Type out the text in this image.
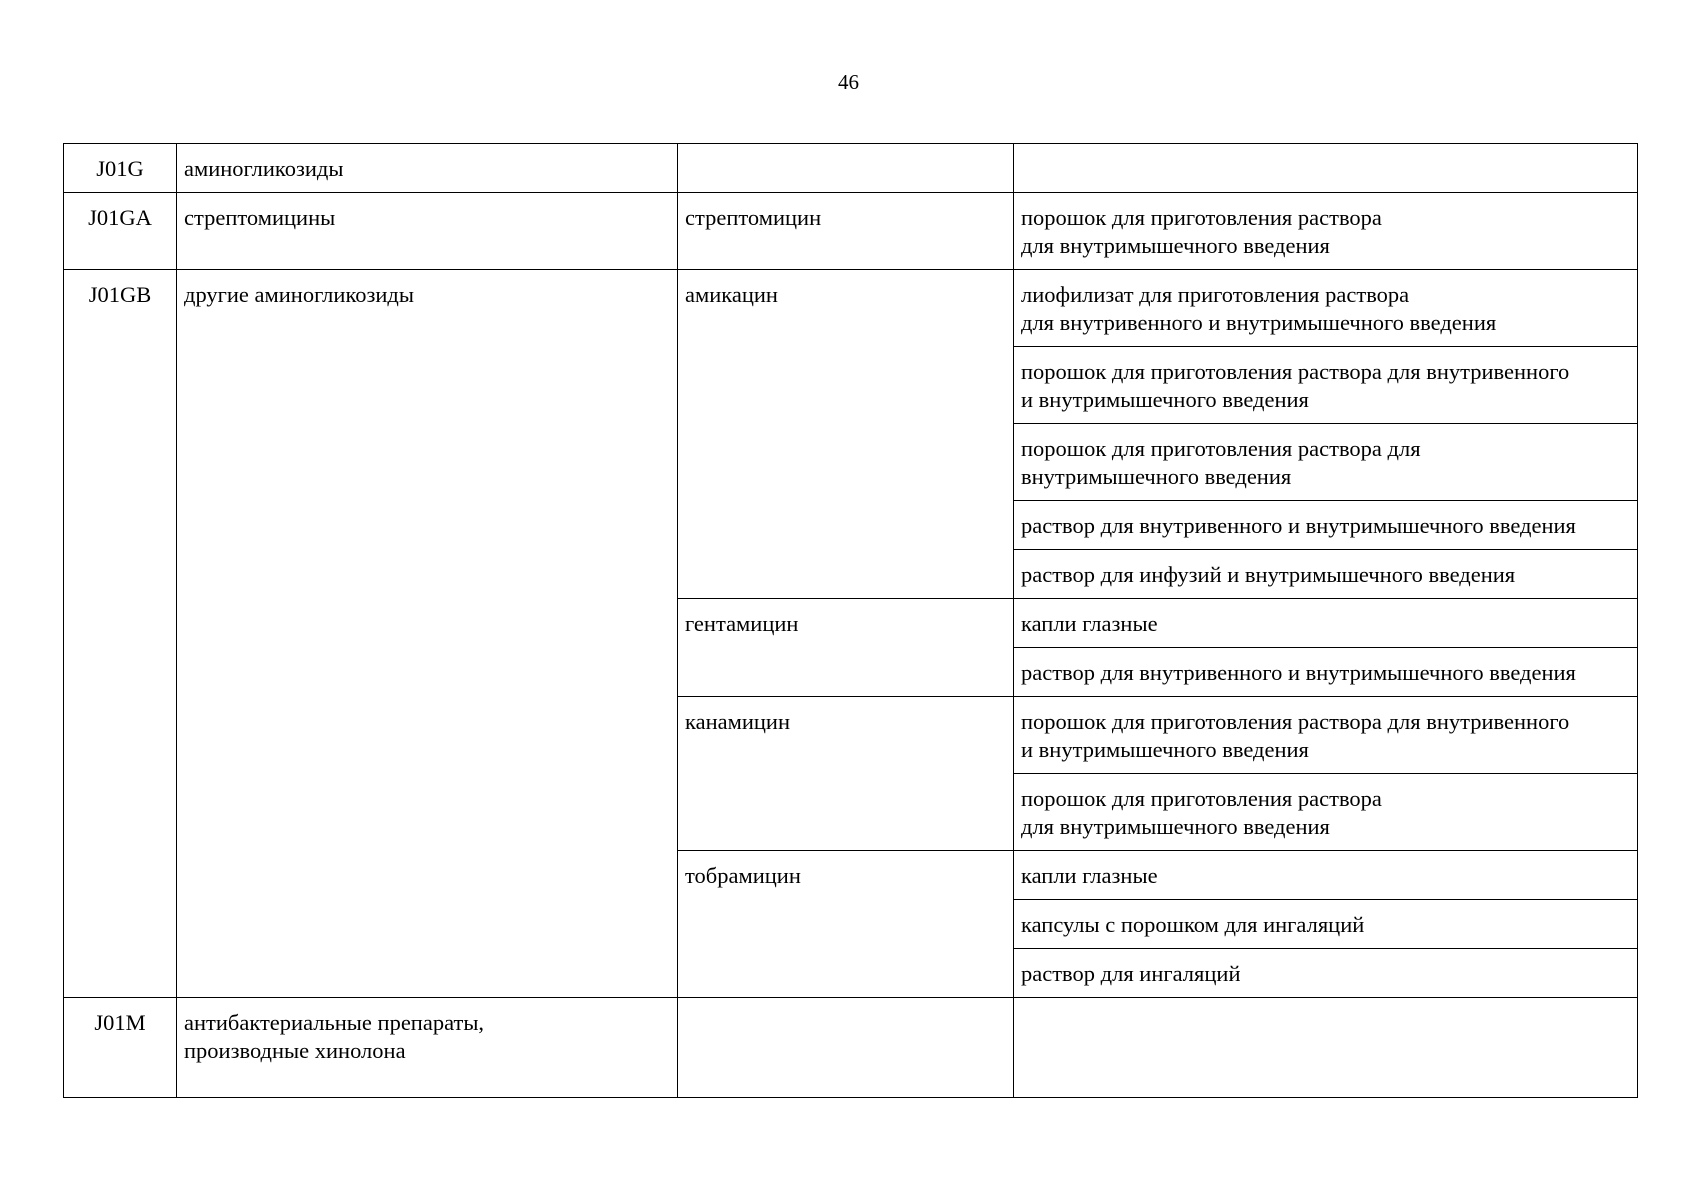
46
J01G	аминогликозиды		
J01GA	стрептомицины	стрептомицин	порошок для приготовления раствора
для внутримышечного введения
J01GB	другие аминогликозиды	амикацин	лиофилизат для приготовления раствора
для внутривенного и внутримышечного введения
			порошок для приготовления раствора для внутривенного
и внутримышечного введения
			порошок для приготовления раствора для
внутримышечного введения
			раствор для внутривенного и внутримышечного введения
			раствор для инфузий и внутримышечного введения
		гентамицин	капли глазные
			раствор для внутривенного и внутримышечного введения
		канамицин	порошок для приготовления раствора для внутривенного
и внутримышечного введения
			порошок для приготовления раствора
для внутримышечного введения
		тобрамицин	капли глазные
			капсулы с порошком для ингаляций
			раствор для ингаляций
J01M	антибактериальные препараты,
производные хинолона		
